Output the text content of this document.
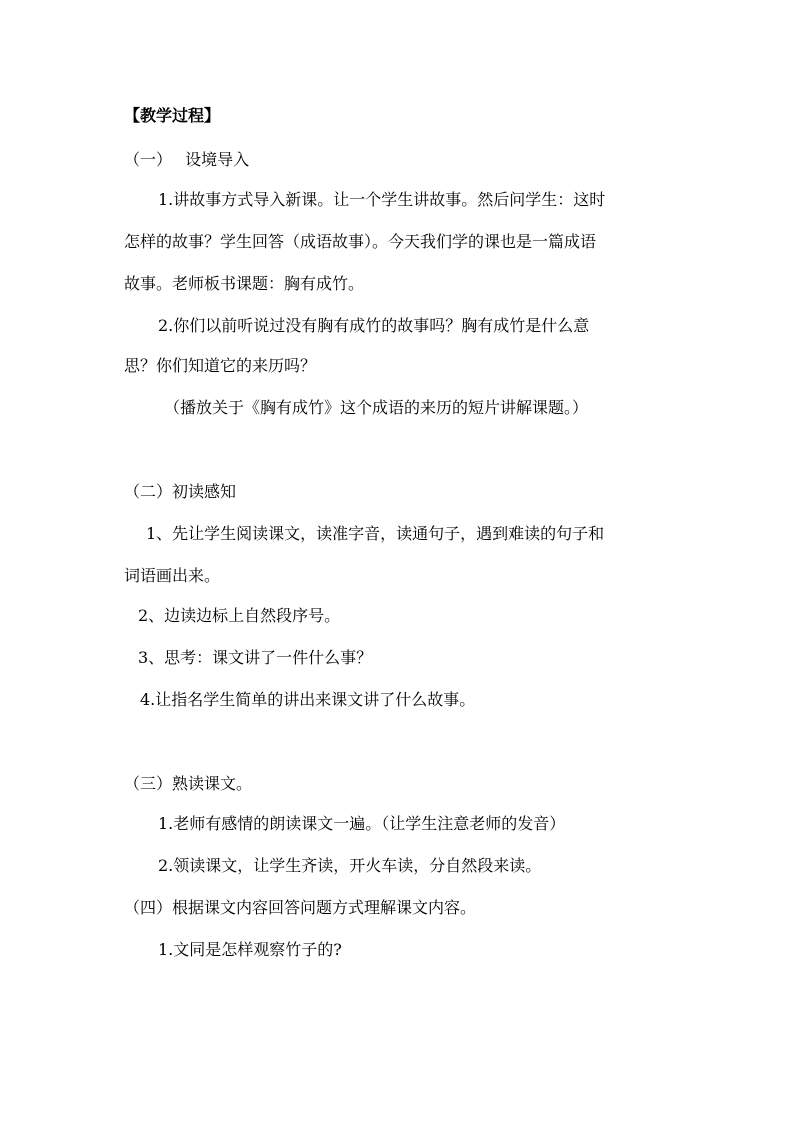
【教学过程】
（一）　 设境导入
1.讲故事方式导入新课。让一个学生讲故事。然后问学生：这时
怎样的故事？学生回答（成语故事）。今天我们学的课也是一篇成语
故事。老师板书课题：胸有成竹。
2.你们以前听说过没有胸有成竹的故事吗？胸有成竹是什么意
思？你们知道它的来历吗？
（播放关于《胸有成竹》这个成语的来历的短片讲解课题。）
（二）初读感知
1、先让学生阅读课文，读准字音，读通句子，遇到难读的句子和
词语画出来。
2、边读边标上自然段序号。
3、思考：课文讲了一件什么事？
4.让指名学生简单的讲出来课文讲了什么故事。
（三）熟读课文。
1.老师有感情的朗读课文一遍。（让学生注意老师的发音）
2.领读课文，让学生齐读，开火车读，分自然段来读。
（四）根据课文内容回答问题方式理解课文内容。
1.文同是怎样观察竹子的?
